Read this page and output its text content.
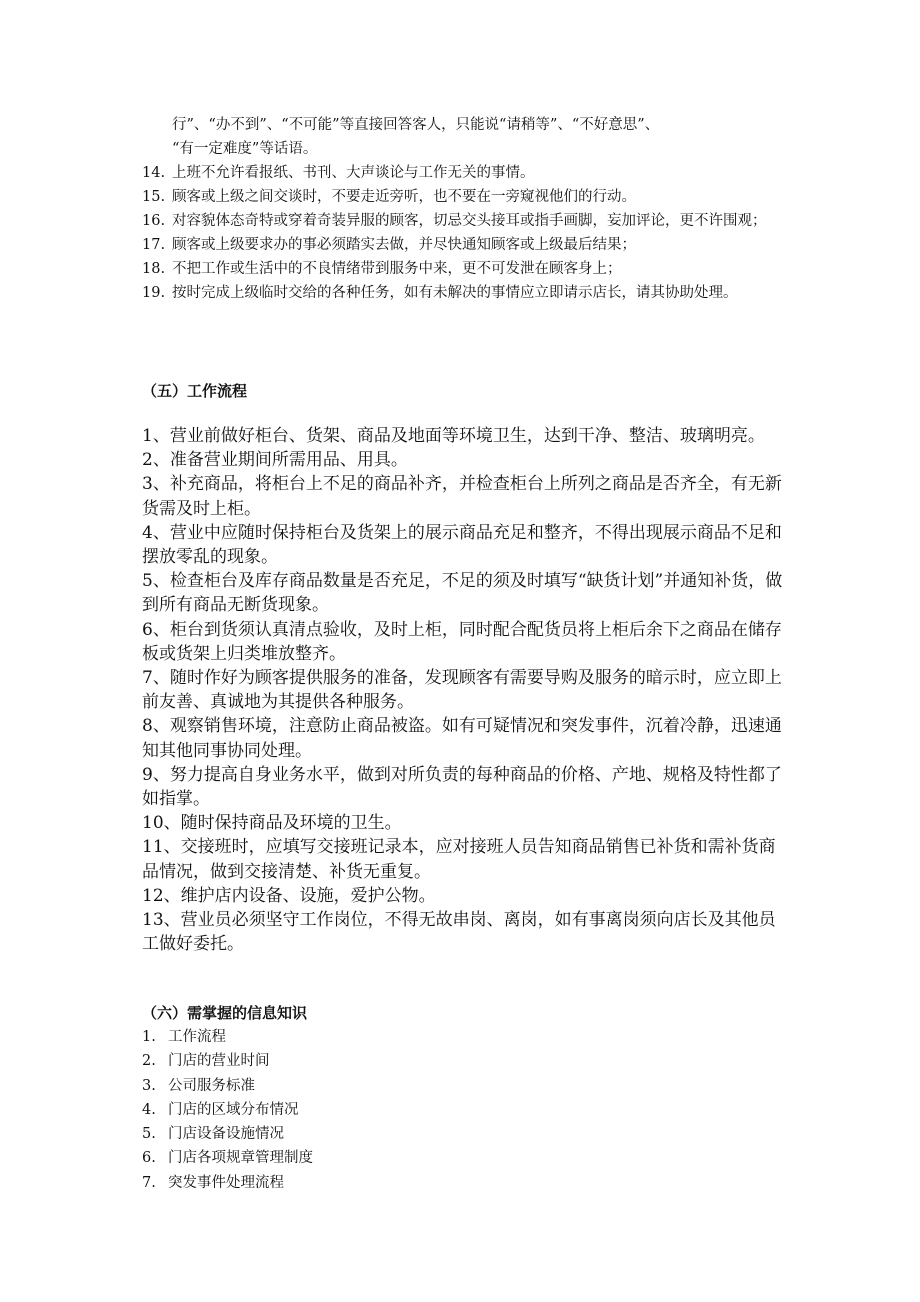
行”、“办不到”、“不可能”等直接回答客人，只能说“请稍等”、“不好意思”、
“有一定难度”等话语。
14. 上班不允许看报纸、书刊、大声谈论与工作无关的事情。
15. 顾客或上级之间交谈时，不要走近旁听，也不要在一旁窥视他们的行动。
16. 对容貌体态奇特或穿着奇装异服的顾客，切忌交头接耳或指手画脚，妄加评论，更不许围观；
17. 顾客或上级要求办的事必须踏实去做，并尽快通知顾客或上级最后结果；
18. 不把工作或生活中的不良情绪带到服务中来，更不可发泄在顾客身上；
19. 按时完成上级临时交给的各种任务，如有未解决的事情应立即请示店长，请其协助处理。
（五）工作流程

1、营业前做好柜台、货架、商品及地面等环境卫生，达到干净、整洁、玻璃明亮。

2、准备营业期间所需用品、用具。

3、补充商品，将柜台上不足的商品补齐，并检查柜台上所列之商品是否齐全，有无新货需及时上柜。

4、营业中应随时保持柜台及货架上的展示商品充足和整齐，不得出现展示商品不足和摆放零乱的现象。

5、检查柜台及库存商品数量是否充足，不足的须及时填写“缺货计划”并通知补货，做到所有商品无断货现象。

6、柜台到货须认真清点验收，及时上柜，同时配合配货员将上柜后余下之商品在储存板或货架上归类堆放整齐。

7、随时作好为顾客提供服务的准备，发现顾客有需要导购及服务的暗示时，应立即上前友善、真诚地为其提供各种服务。

8、观察销售环境，注意防止商品被盗。如有可疑情况和突发事件，沉着冷静，迅速通知其他同事协同处理。

9、努力提高自身业务水平，做到对所负责的每种商品的价格、产地、规格及特性都了如指掌。

10、随时保持商品及环境的卫生。

11、交接班时，应填写交接班记录本，应对接班人员告知商品销售已补货和需补货商品情况，做到交接清楚、补货无重复。

12、维护店内设备、设施，爱护公物。

13、营业员必须坚守工作岗位，不得无故串岗、离岗，如有事离岗须向店长及其他员工做好委托。

（六）需掌握的信息知识
1. 工作流程
2. 门店的营业时间
3. 公司服务标准
4. 门店的区域分布情况
5. 门店设备设施情况
6. 门店各项规章管理制度
7. 突发事件处理流程
